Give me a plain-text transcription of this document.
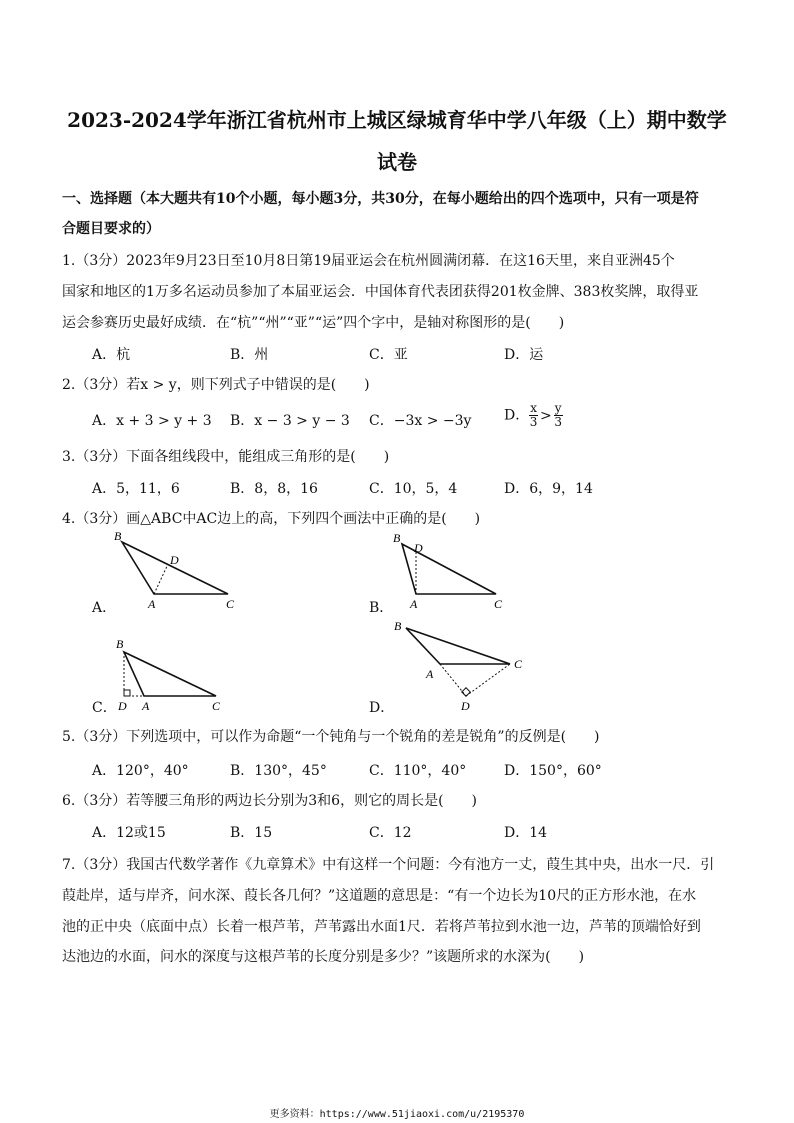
2023-2024学年浙江省杭州市上城区绿城育华中学八年级（上）期中数学
试卷
一、选择题（本大题共有10个小题，每小题3分，共30分，在每小题给出的四个选项中，只有一项是符
合题目要求的）
1.（3分）2023年9月23日至10月8日第19届亚运会在杭州圆满闭幕．在这16天里，来自亚洲45个
国家和地区的1万多名运动员参加了本届亚运会．中国体育代表团获得201枚金牌、383枚奖牌，取得亚
运会参赛历史最好成绩．在“杭”“州”“亚”“运”四个字中，是轴对称图形的是(　　)
A．杭	B．州	C．亚	D．运
2.（3分）若x > y，则下列式子中错误的是(　　)
A．x + 3 > y + 3 B．x − 3 > y − 3 C．−3x > −3y D． $\frac{x}{3} > \frac{y}{3}$
3.（3分）下面各组线段中，能组成三角形的是(　　)
A．5，11，6	B．8，8，16	C．10，5，4	D．6，9，14
4.（3分）画△ABC中AC边上的高，下列四个画法中正确的是(　　)
A．
B
D
A	C	B．
B
D
A	C
C．
B
D A	C	D．
B
A
C
D
5.（3分）下列选项中，可以作为命题“一个钝角与一个锐角的差是锐角”的反例是(　　)
A．120°，40°	B．130°，45°	C．110°，40°	D．150°，60°
6.（3分）若等腰三角形的两边长分别为3和6，则它的周长是(　　)
A．12或15	B．15	C．12	D．14
7.（3分）我国古代数学著作《九章算术》中有这样一个问题：今有池方一丈，葭生其中央，出水一尺．引
葭赴岸，适与岸齐，问水深、葭长各几何？”这道题的意思是：“有一个边长为10尺的正方形水池，在水
池的正中央（底面中点）长着一根芦苇，芦苇露出水面1尺．若将芦苇拉到水池一边，芦苇的顶端恰好到
达池边的水面，问水的深度与这根芦苇的长度分别是多少？”该题所求的水深为(　　)
更多资料：https://www.51jiaoxi.com/u/2195370
